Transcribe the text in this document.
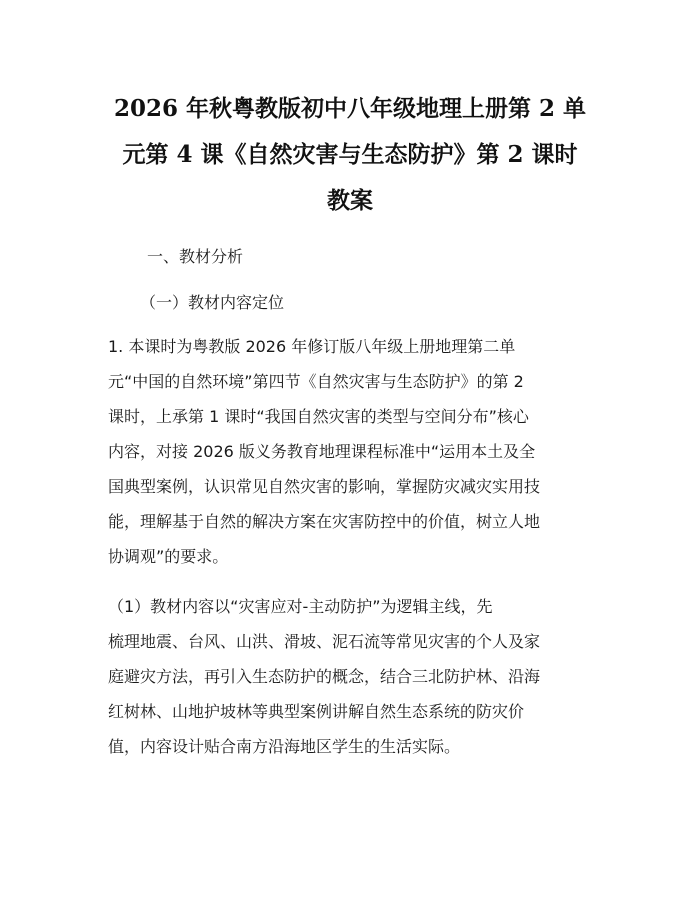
2026 年秋粤教版初中八年级地理上册第 2 单
元第 4 课《自然灾害与生态防护》第 2 课时
教案
一、教材分析
（一）教材内容定位
1. 本课时为粤教版 2026 年修订版八年级上册地理第二单
元“中国的自然环境”第四节《自然灾害与生态防护》的第 2
课时，上承第 1 课时“我国自然灾害的类型与空间分布”核心
内容，对接 2026 版义务教育地理课程标准中“运用本土及全
国典型案例，认识常见自然灾害的影响，掌握防灾减灾实用技
能，理解基于自然的解决方案在灾害防控中的价值，树立人地
协调观”的要求。
（1）教材内容以“灾害应对-主动防护”为逻辑主线，先
梳理地震、台风、山洪、滑坡、泥石流等常见灾害的个人及家
庭避灾方法，再引入生态防护的概念，结合三北防护林、沿海
红树林、山地护坡林等典型案例讲解自然生态系统的防灾价
值，内容设计贴合南方沿海地区学生的生活实际。
